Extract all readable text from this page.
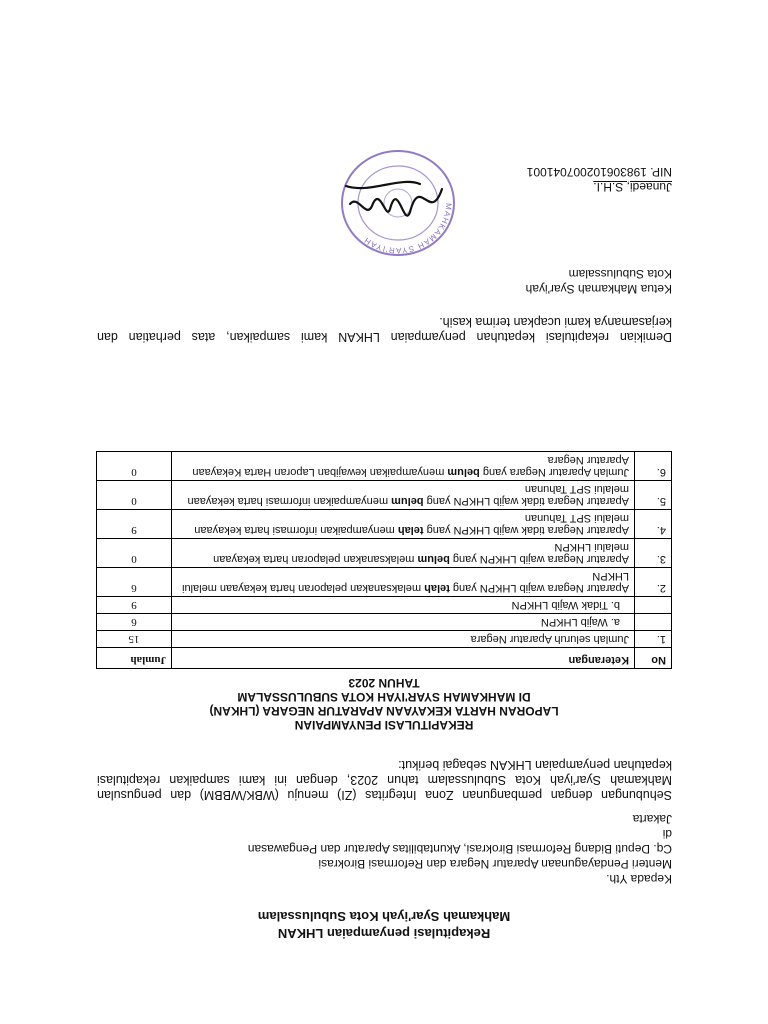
Rekapitulasi penyampaian LHKAN
Mahkamah Syar'iyah Kota Subulussalam
Kepada Yth.
Menteri Pendayagunaan Aparatur Negara dan Reformasi Birokrasi
Cq. Deputi Bidang Reformasi Birokrasi, Akuntabilitas Aparatur dan Pengawasan
di
Jakarta
Sehubungan dengan pembangunan Zona Integritas (ZI) menuju (WBK/WBBM) dan pengusulan Mahkamah Syar'iyah Kota Subulussalam tahun 2023, dengan ini kami sampaikan rekapitulasi kepatuhan penyampaian LHKAN sebagai berikut:
REKAPITULASI PENYAMPAIAN
LAPORAN HARTA KEKAYAAN APARATUR NEGARA (LHKAN)
DI MAHKAMAH SYAR'IYAH KOTA SUBULUSSALAM
TAHUN 2023
No	Keterangan	Jumlah
1.	Jumlah seluruh Aparatur Negara	15
	a. Wajib LHKPN	6
	b. Tidak Wajib LHKPN	9
2.	Aparatur Negara wajib LHKPN yang telah melaksanakan pelaporan harta kekayaan melalui LHKPN	6
3.	Aparatur Negara wajib LHKPN yang belum melaksanakan pelaporan harta kekayaan melalui LHKPN	0
4.	Aparatur Negara tidak wajib LHKPN yang telah menyampaikan informasi harta kekayaan melalui SPT Tahunan	9
5.	Aparatur Negara tidak wajib LHKPN yang belum menyampaikan informasi harta kekayaan melalui SPT Tahunan	0
6.	Jumlah Aparatur Negara yang belum menyampaikan kewajiban Laporan Harta Kekayaan Aparatur Negara	0
Demikian rekapitulasi kepatuhan penyampaian LHKAN kami sampaikan, atas perhatian dan kerjasamanya kami ucapkan terima kasih.
Ketua Mahkamah Syar'iyah
Kota Subulussalam
MAHKAMAH SYAR'IYAH
Junaedi, S.H.I.
NIP. 198306102007041001
